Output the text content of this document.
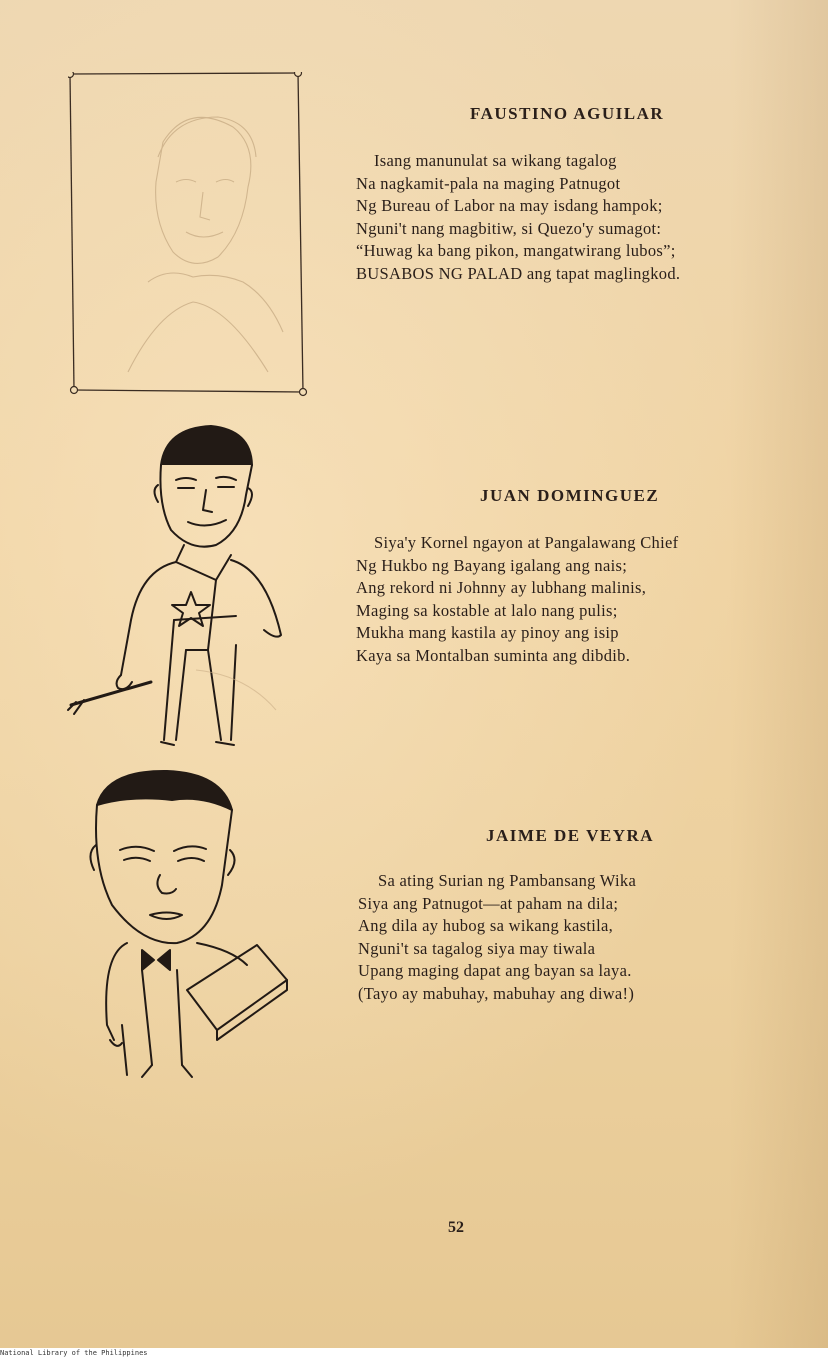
FAUSTINO AGUILAR
Isang manunulat sa wikang tagalog
Na nagkamit-pala na maging Patnugot
Ng Bureau of Labor na may isdang hampok;
Nguni't nang magbitiw, si Quezo'y sumagot:
“Huwag ka bang pikon, mangatwirang lubos”;
BUSABOS NG PALAD ang tapat maglingkod.
JUAN DOMINGUEZ
Siya'y Kornel ngayon at Pangalawang Chief
Ng Hukbo ng Bayang igalang ang nais;
Ang rekord ni Johnny ay lubhang malinis,
Maging sa kostable at lalo nang pulis;
Mukha mang kastila ay pinoy ang isip
Kaya sa Montalban suminta ang dibdib.
JAIME DE VEYRA
Sa ating Surian ng Pambansang Wika
Siya ang Patnugot—at paham na dila;
Ang dila ay hubog sa wikang kastila,
Nguni't sa tagalog siya may tiwala
Upang maging dapat ang bayan sa laya.
(Tayo ay mabuhay, mabuhay ang diwa!)
52
National Library of the Philippines
